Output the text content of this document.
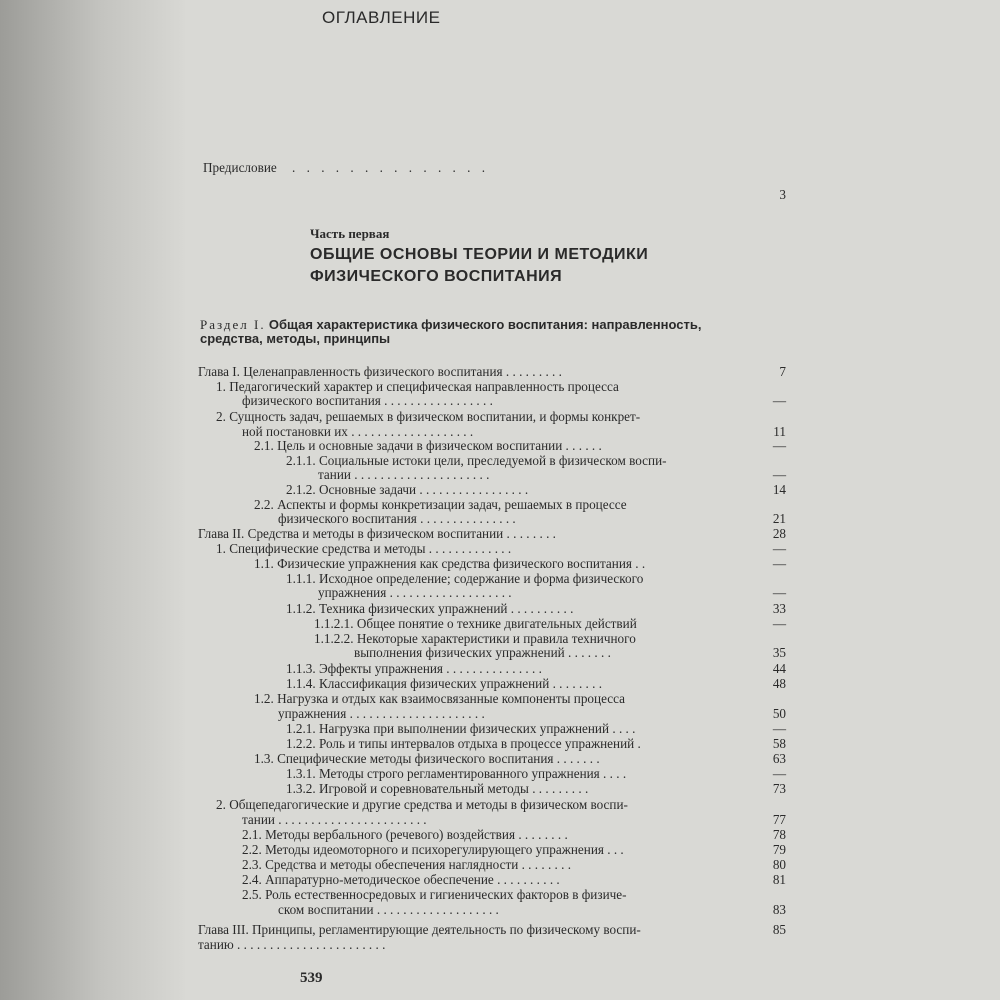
ОГЛАВЛЕНИЕ
Предисловие . . . . . . . . . . . . . .
3
Часть первая
ОБЩИЕ ОСНОВЫ ТЕОРИИ И МЕТОДИКИ
ФИЗИЧЕСКОГО ВОСПИТАНИЯ
Раздел I. Общая характеристика физического воспитания: направленность, средства, методы, принципы
Глава I. Целенаправленность физического воспитания . . . . . . . . .	7
1. Педагогический характер и специфическая направленность процесса
физического воспитания . . . . . . . . . . . . . . . . .	—
2. Сущность задач, решаемых в физическом воспитании, и формы конкрет-
ной постановки их . . . . . . . . . . . . . . . . . . .	11
2.1. Цель и основные задачи в физическом воспитании . . . . . .	—
2.1.1. Социальные истоки цели, преследуемой в физическом воспи-
тании . . . . . . . . . . . . . . . . . . . . .	—
2.1.2. Основные задачи . . . . . . . . . . . . . . . . .	14
2.2. Аспекты и формы конкретизации задач, решаемых в процессе
физического воспитания . . . . . . . . . . . . . . .	21
Глава II. Средства и методы в физическом воспитании . . . . . . . .	28
1. Специфические средства и методы . . . . . . . . . . . . .	—
1.1. Физические упражнения как средства физического воспитания . .	—
1.1.1. Исходное определение; содержание и форма физического
упражнения . . . . . . . . . . . . . . . . . . .	—
1.1.2. Техника физических упражнений . . . . . . . . . .	33
1.1.2.1. Общее понятие о технике двигательных действий	—
1.1.2.2. Некоторые характеристики и правила техничного
выполнения физических упражнений . . . . . . .	35
1.1.3. Эффекты упражнения . . . . . . . . . . . . . . .	44
1.1.4. Классификация физических упражнений . . . . . . . .	48
1.2. Нагрузка и отдых как взаимосвязанные компоненты процесса
упражнения . . . . . . . . . . . . . . . . . . . . .	50
1.2.1. Нагрузка при выполнении физических упражнений . . . .	—
1.2.2. Роль и типы интервалов отдыха в процессе упражнений .	58
1.3. Специфические методы физического воспитания . . . . . . .	63
1.3.1. Методы строго регламентированного упражнения . . . .	—
1.3.2. Игровой и соревновательный методы . . . . . . . . .	73
2. Общепедагогические и другие средства и методы в физическом воспи-
тании . . . . . . . . . . . . . . . . . . . . . . .	77
2.1. Методы вербального (речевого) воздействия . . . . . . . .	78
2.2. Методы идеомоторного и психорегулирующего упражнения . . .	79
2.3. Средства и методы обеспечения наглядности . . . . . . . .	80
2.4. Аппаратурно-методическое обеспечение . . . . . . . . . .	81
2.5. Роль естественносредовых и гигиенических факторов в физиче-
ском воспитании . . . . . . . . . . . . . . . . . . .	83
Глава III. Принципы, регламентирующие деятельность по физическому воспи-	85
танию . . . . . . . . . . . . . . . . . . . . . . .
539
